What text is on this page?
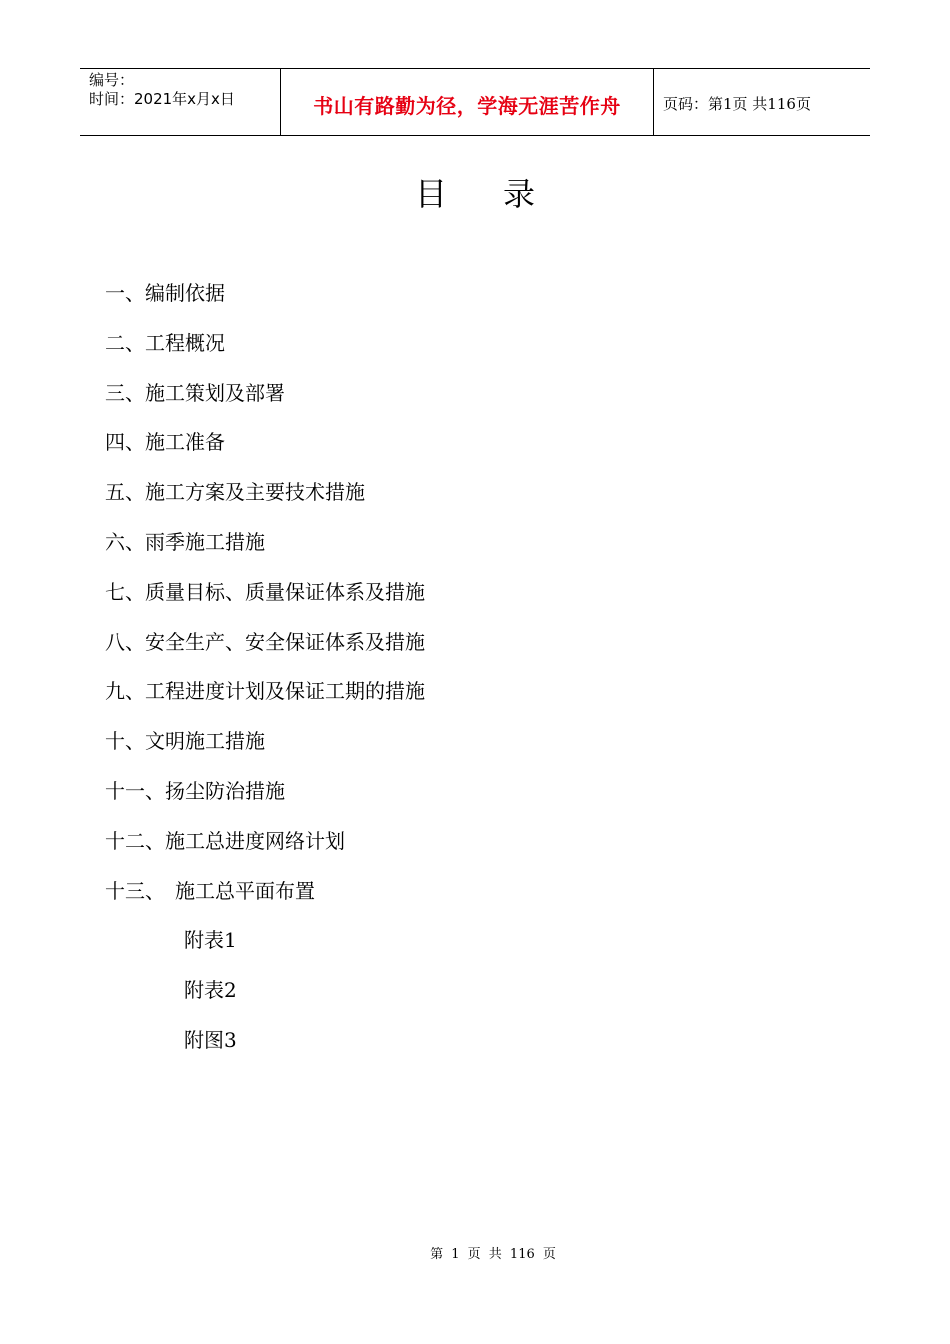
编号：
时间：2021年x月x日	书山有路勤为径，学海无涯苦作舟	页码：第1页 共116页
目录
一、编制依据
二、工程概况
三、施工策划及部署
四、施工准备
五、施工方案及主要技术措施
六、雨季施工措施
七、质量目标、质量保证体系及措施
八、安全生产、安全保证体系及措施
九、工程进度计划及保证工期的措施
十、文明施工措施
十一、扬尘防治措施
十二、施工总进度网络计划
十三、 施工总平面布置
附表1
附表2
附图3
第 1 页 共 116 页
